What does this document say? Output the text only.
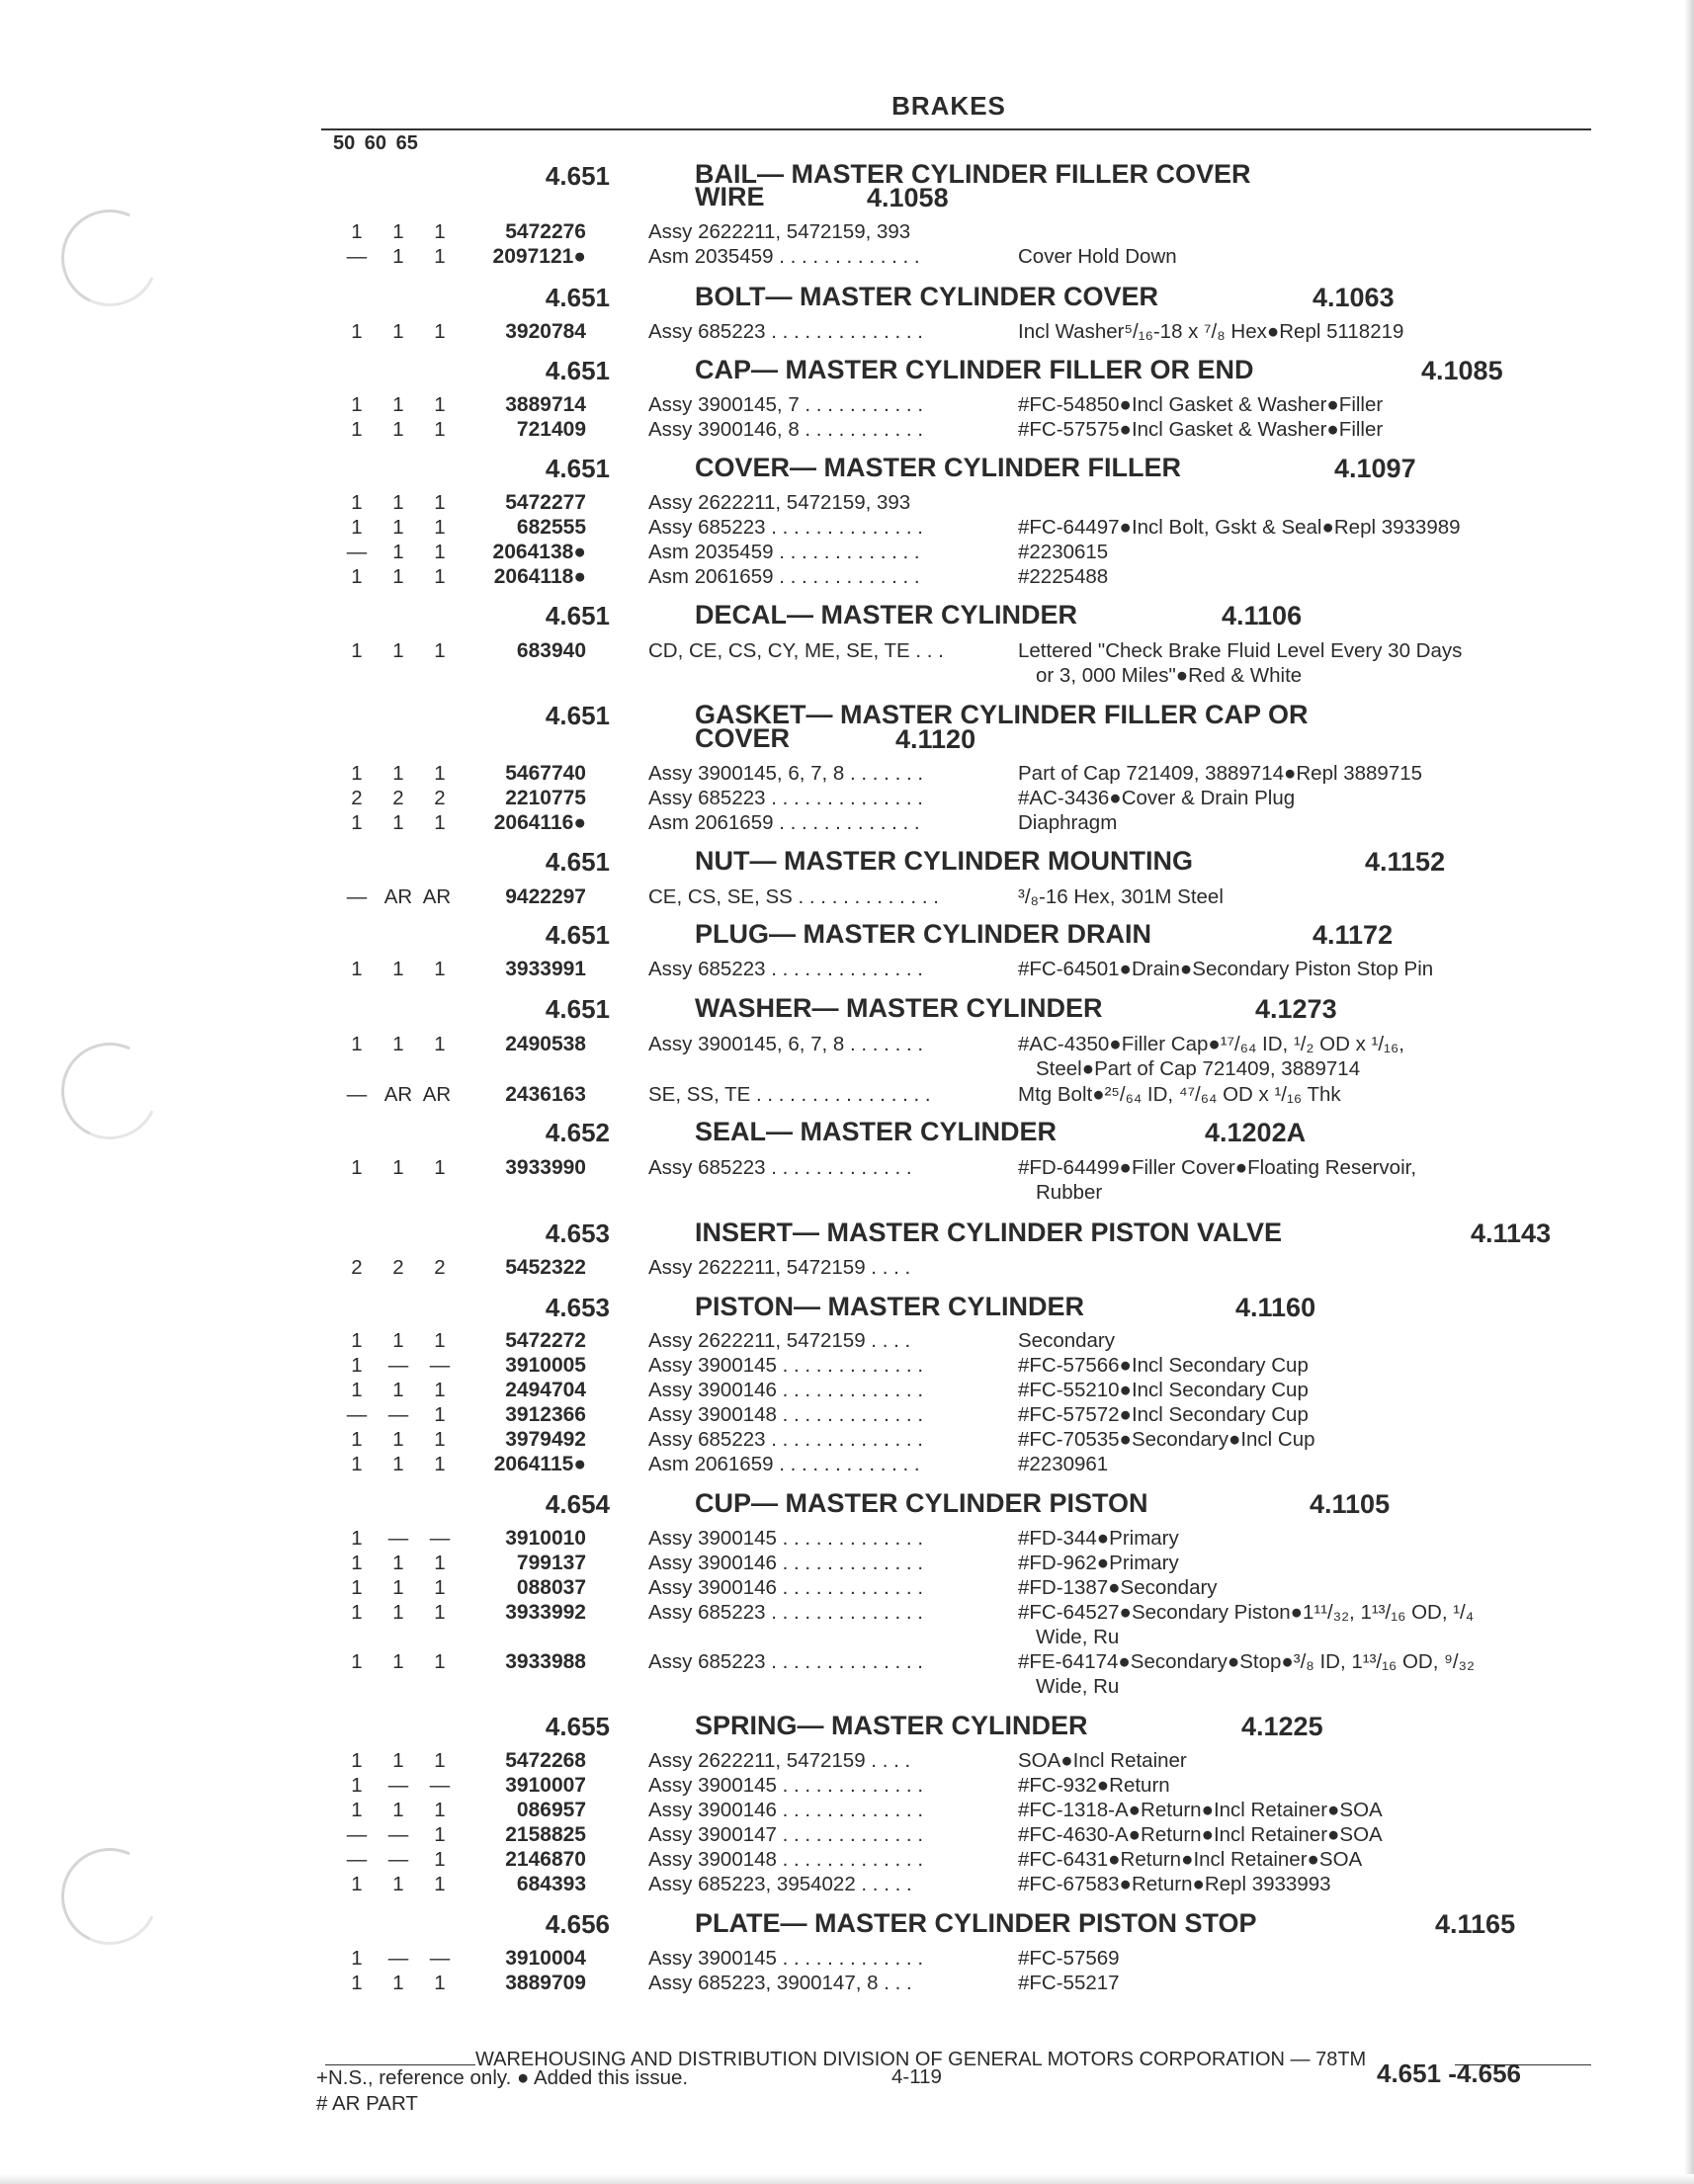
BRAKES
50 60 65
4.651	BAIL— MASTER CYLINDER FILLER COVER
WIRE	4.1058
1	1	1	5472276	Assy 2622211, 5472159, 393
—	1	1	2097121●	Asm 2035459 . . . . . . . . . . . . .	Cover Hold Down
4.651	BOLT— MASTER CYLINDER COVER	4.1063
1	1	1	3920784	Assy 685223 . . . . . . . . . . . . . .	Incl Washer⁵/₁₆-18 x ⁷/₈ Hex●Repl 5118219
4.651	CAP— MASTER CYLINDER FILLER OR END	4.1085
1	1	1	3889714	Assy 3900145, 7 . . . . . . . . . . .	#FC-54850●Incl Gasket & Washer●Filler
1	1	1	721409	Assy 3900146, 8 . . . . . . . . . . .	#FC-57575●Incl Gasket & Washer●Filler
4.651	COVER— MASTER CYLINDER FILLER	4.1097
1	1	1	5472277	Assy 2622211, 5472159, 393
1	1	1	682555	Assy 685223 . . . . . . . . . . . . . .	#FC-64497●Incl Bolt, Gskt & Seal●Repl 3933989
—	1	1	2064138●	Asm 2035459 . . . . . . . . . . . . .	#2230615
1	1	1	2064118●	Asm 2061659 . . . . . . . . . . . . .	#2225488
4.651	DECAL— MASTER CYLINDER	4.1106
1	1	1	683940	CD, CE, CS, CY, ME, SE, TE . . .	Lettered "Check Brake Fluid Level Every 30 Days
or 3, 000 Miles"●Red & White
4.651	GASKET— MASTER CYLINDER FILLER CAP OR
COVER	4.1120
1	1	1	5467740	Assy 3900145, 6, 7, 8 . . . . . . .	Part of Cap 721409, 3889714●Repl 3889715
2	2	2	2210775	Assy 685223 . . . . . . . . . . . . . .	#AC-3436●Cover & Drain Plug
1	1	1	2064116●	Asm 2061659 . . . . . . . . . . . . .	Diaphragm
4.651	NUT— MASTER CYLINDER MOUNTING	4.1152
— AR AR	9422297	CE, CS, SE, SS . . . . . . . . . . . . .	³/₈-16 Hex, 301M Steel
4.651	PLUG— MASTER CYLINDER DRAIN	4.1172
1	1	1	3933991	Assy 685223 . . . . . . . . . . . . . .	#FC-64501●Drain●Secondary Piston Stop Pin
4.651	WASHER— MASTER CYLINDER	4.1273
1	1	1	2490538	Assy 3900145, 6, 7, 8 . . . . . . .	#AC-4350●Filler Cap●¹⁷/₆₄ ID, ¹/₂ OD x ¹/₁₆,
Steel●Part of Cap 721409, 3889714
— AR AR	2436163	SE, SS, TE . . . . . . . . . . . . . . . .	Mtg Bolt●²⁵/₆₄ ID, ⁴⁷/₆₄ OD x ¹/₁₆ Thk
4.652	SEAL— MASTER CYLINDER	4.1202A
1	1	1	3933990	Assy 685223 . . . . . . . . . . . . .	#FD-64499●Filler Cover●Floating Reservoir,
Rubber
4.653	INSERT— MASTER CYLINDER PISTON VALVE	4.1143
2	2	2	5452322	Assy 2622211, 5472159 . . . .
4.653	PISTON— MASTER CYLINDER	4.1160
1	1	1	5472272	Assy 2622211, 5472159 . . . .	Secondary
1	— —	3910005	Assy 3900145 . . . . . . . . . . . . .	#FC-57566●Incl Secondary Cup
1	1	1	2494704	Assy 3900146 . . . . . . . . . . . . .	#FC-55210●Incl Secondary Cup
— —	1	3912366	Assy 3900148 . . . . . . . . . . . . .	#FC-57572●Incl Secondary Cup
1	1	1	3979492	Assy 685223 . . . . . . . . . . . . . .	#FC-70535●Secondary●Incl Cup
1	1	1	2064115●	Asm 2061659 . . . . . . . . . . . . .	#2230961
4.654	CUP— MASTER CYLINDER PISTON	4.1105
1	— —	3910010	Assy 3900145 . . . . . . . . . . . . .	#FD-344●Primary
1	1	1	799137	Assy 3900146 . . . . . . . . . . . . .	#FD-962●Primary
1	1	1	088037	Assy 3900146 . . . . . . . . . . . . .	#FD-1387●Secondary
1	1	1	3933992	Assy 685223 . . . . . . . . . . . . . .	#FC-64527●Secondary Piston●1¹¹/₃₂, 1¹³/₁₆ OD, ¹/₄
Wide, Ru
1	1	1	3933988	Assy 685223 . . . . . . . . . . . . . .	#FE-64174●Secondary●Stop●³/₈ ID, 1¹³/₁₆ OD, ⁹/₃₂
Wide, Ru
4.655	SPRING— MASTER CYLINDER	4.1225
1	1	1	5472268	Assy 2622211, 5472159 . . . .	SOA●Incl Retainer
1	— —	3910007	Assy 3900145 . . . . . . . . . . . . .	#FC-932●Return
1	1	1	086957	Assy 3900146 . . . . . . . . . . . . .	#FC-1318-A●Return●Incl Retainer●SOA
— —	1	2158825	Assy 3900147 . . . . . . . . . . . . .	#FC-4630-A●Return●Incl Retainer●SOA
— —	1	2146870	Assy 3900148 . . . . . . . . . . . . .	#FC-6431●Return●Incl Retainer●SOA
1	1	1	684393	Assy 685223, 3954022 . . . . .	#FC-67583●Return●Repl 3933993
4.656	PLATE— MASTER CYLINDER PISTON STOP	4.1165
1	— —	3910004	Assy 3900145 . . . . . . . . . . . . .	#FC-57569
1	1	1	3889709	Assy 685223, 3900147, 8 . . .	#FC-55217
WAREHOUSING AND DISTRIBUTION DIVISION OF GENERAL MOTORS CORPORATION — 78TM
+N.S., reference only. ● Added this issue.
# AR PART
4-119	4.651 -4.656
